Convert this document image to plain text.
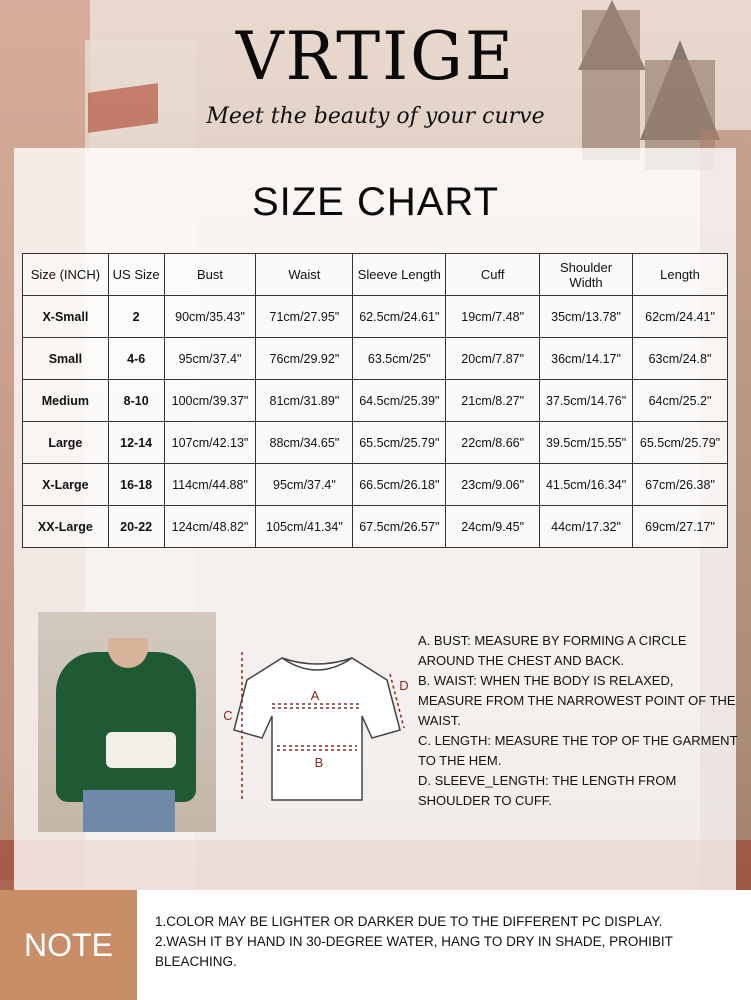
VRTIGE
Meet the beauty of your curve
SIZE CHART
Size (INCH)	US Size	Bust	Waist	Sleeve Length	Cuff	Shoulder Width	Length
X-Small	2	90cm/35.43"	71cm/27.95"	62.5cm/24.61"	19cm/7.48"	35cm/13.78"	62cm/24.41"
Small	4-6	95cm/37.4"	76cm/29.92"	63.5cm/25"	20cm/7.87"	36cm/14.17"	63cm/24.8"
Medium	8-10	100cm/39.37"	81cm/31.89"	64.5cm/25.39"	21cm/8.27"	37.5cm/14.76"	64cm/25.2"
Large	12-14	107cm/42.13"	88cm/34.65"	65.5cm/25.79"	22cm/8.66"	39.5cm/15.55"	65.5cm/25.79"
X-Large	16-18	114cm/44.88"	95cm/37.4"	66.5cm/26.18"	23cm/9.06"	41.5cm/16.34"	67cm/26.38"
XX-Large	20-22	124cm/48.82"	105cm/41.34"	67.5cm/26.57"	24cm/9.45"	44cm/17.32"	69cm/27.17"
A
B
C
D

A. BUST: MEASURE BY FORMING A CIRCLE AROUND THE CHEST AND BACK.

B. WAIST: WHEN THE BODY IS RELAXED, MEASURE FROM THE NARROWEST POINT OF THE WAIST.

C. LENGTH: MEASURE THE TOP OF THE GARMENT TO THE HEM.

D. SLEEVE_LENGTH: THE LENGTH FROM SHOULDER TO CUFF.

NOTE

1.COLOR MAY BE LIGHTER OR DARKER DUE TO THE DIFFERENT PC DISPLAY.

2.WASH IT BY HAND IN 30-DEGREE WATER, HANG TO DRY IN SHADE, PROHIBIT BLEACHING.
